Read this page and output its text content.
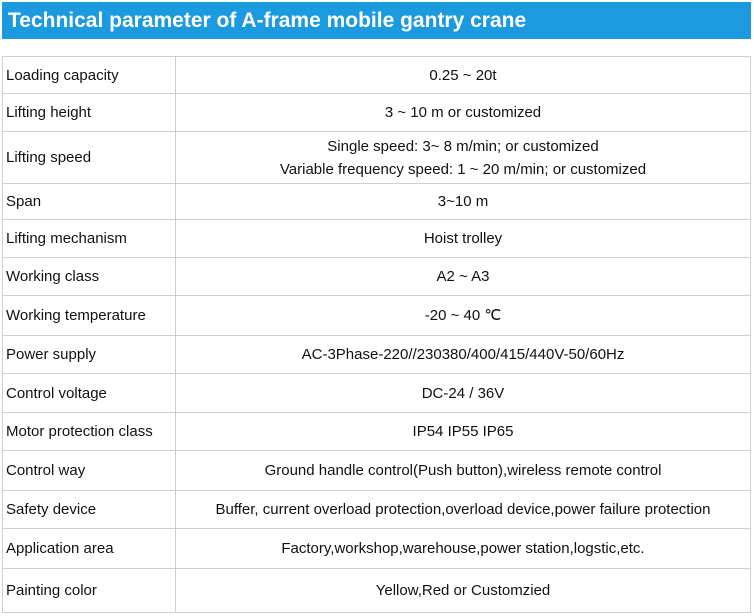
Technical parameter of A-frame mobile gantry crane
Loading capacity	0.25 ~ 20t

Lifting height	3 ~ 10 m or customized

Lifting speed	Single speed: 3~ 8 m/min; or customized
Variable frequency speed: 1 ~ 20 m/min; or customized

Span	3~10 m

Lifting mechanism	Hoist trolley

Working class	A2 ~ A3

Working temperature	-20 ~ 40 ℃

Power supply	AC-3Phase-220//230380/400/415/440V-50/60Hz

Control voltage	DC-24 / 36V

Motor protection class	IP54 IP55 IP65

Control way	Ground handle control(Push button),wireless remote control

Safety device	Buffer, current overload protection,overload device,power failure protection

Application area	Factory,workshop,warehouse,power station,logstic,etc.

Painting color	Yellow,Red or Customzied
